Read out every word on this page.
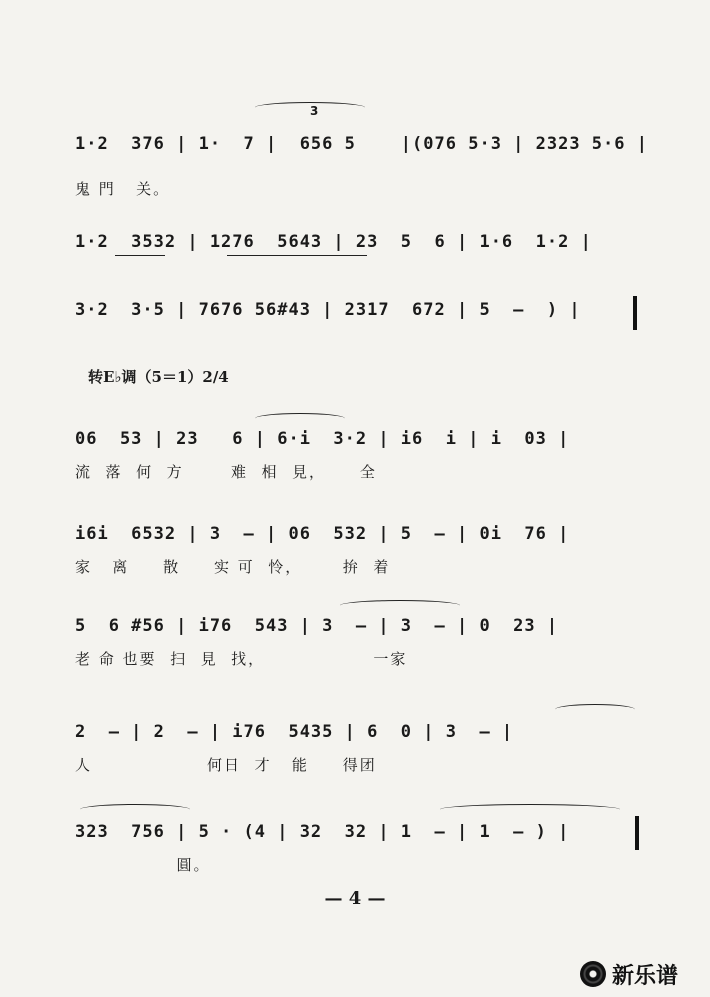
1·2  376 | 1·  7 |  656 5    |(076 5·3 | 2323 5·6 |
鬼 門   关。
3
1·2  3532 | 1276  5643 | 23  5  6 | 1·6  1·2 |
3·2  3·5 | 7676 56#43 | 2317  672 | 5  —  ) |
转E♭调（5＝1）2/4
06  53 | 23   6 | 6·i  3·2 | i6  i | i  03 |
流  落  何  方       难  相  見，     全
i6i  6532 | 3  — | 06  532 | 5  — | 0i  76 |
家   离     散     实 可  怜，      拚  着
5  6 #56 | i76  543 | 3  — | 3  — | 0  23 |
老 命 也要  扫  見  找，                一家
2  — | 2  — | i76  5435 | 6  0 | 3  — |
人                 何日  才   能     得团
323  756 | 5 · (4 | 32  32 | 1  — | 1  — ) |
圓。
— 4 —
新乐谱
